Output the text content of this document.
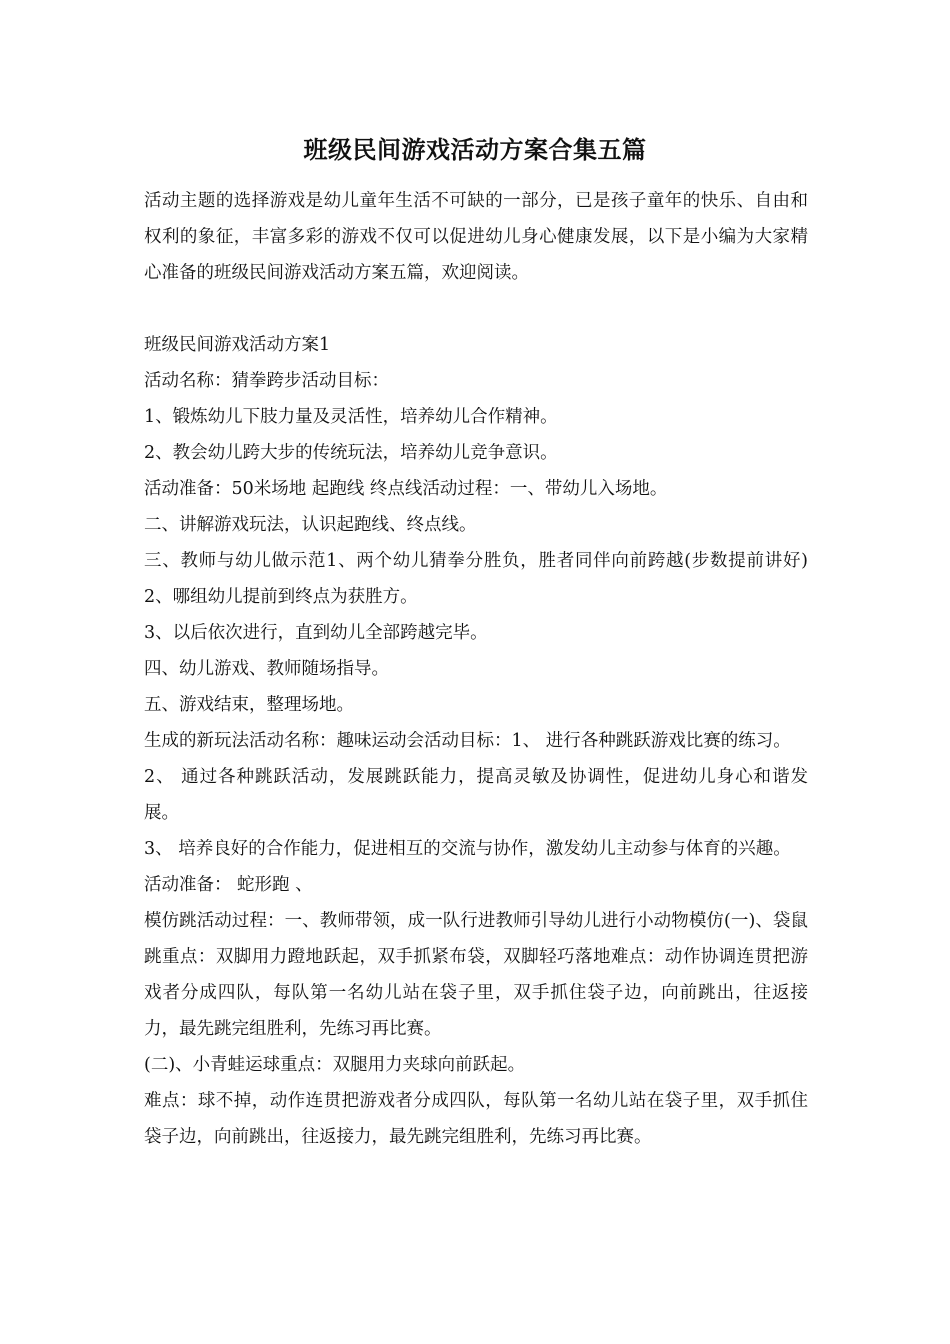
班级民间游戏活动方案合集五篇

活动主题的选择游戏是幼儿童年生活不可缺的一部分，已是孩子童年的快乐、自由和权利的象征，丰富多彩的游戏不仅可以促进幼儿身心健康发展，以下是小编为大家精心准备的班级民间游戏活动方案五篇，欢迎阅读。

班级民间游戏活动方案1

活动名称：猜拳跨步活动目标：

1、锻炼幼儿下肢力量及灵活性，培养幼儿合作精神。

2、教会幼儿跨大步的传统玩法，培养幼儿竞争意识。

活动准备：50米场地 起跑线 终点线活动过程：一、带幼儿入场地。

二、讲解游戏玩法，认识起跑线、终点线。

三、教师与幼儿做示范1、两个幼儿猜拳分胜负，胜者同伴向前跨越(步数提前讲好)2、哪组幼儿提前到终点为获胜方。

3、以后依次进行，直到幼儿全部跨越完毕。

四、幼儿游戏、教师随场指导。

五、游戏结束，整理场地。

生成的新玩法活动名称：趣味运动会活动目标：1、 进行各种跳跃游戏比赛的练习。

2、 通过各种跳跃活动，发展跳跃能力，提高灵敏及协调性，促进幼儿身心和谐发展。

3、 培养良好的合作能力，促进相互的交流与协作，激发幼儿主动参与体育的兴趣。

活动准备： 蛇形跑 、

模仿跳活动过程：一、教师带领，成一队行进教师引导幼儿进行小动物模仿(一)、袋鼠跳重点：双脚用力蹬地跃起，双手抓紧布袋，双脚轻巧落地难点：动作协调连贯把游戏者分成四队，每队第一名幼儿站在袋子里，双手抓住袋子边，向前跳出，往返接力，最先跳完组胜利，先练习再比赛。

(二)、小青蛙运球重点：双腿用力夹球向前跃起。

难点：球不掉，动作连贯把游戏者分成四队，每队第一名幼儿站在袋子里，双手抓住袋子边，向前跳出，往返接力，最先跳完组胜利，先练习再比赛。
